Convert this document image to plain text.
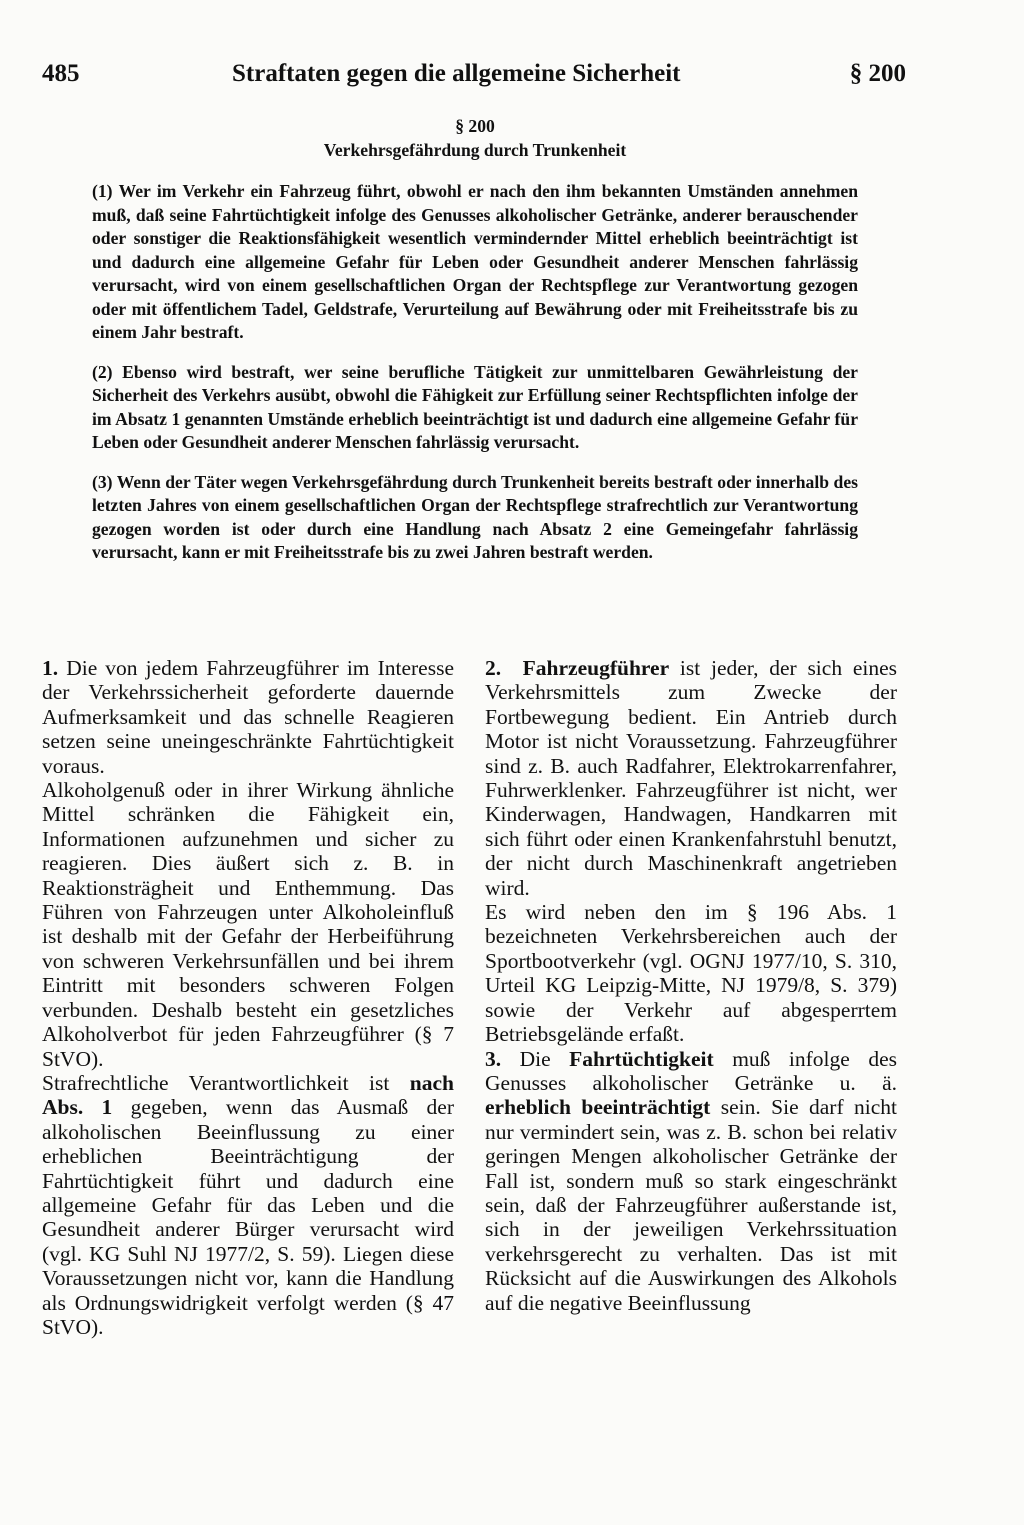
485	Straftaten gegen die allgemeine Sicherheit	§ 200
§ 200
Verkehrsgefährdung durch Trunkenheit

(1) Wer im Verkehr ein Fahrzeug führt, obwohl er nach den ihm bekannten Umständen annehmen muß, daß seine Fahrtüchtigkeit infolge des Genusses alkoholischer Getränke, anderer berauschender oder sonstiger die Reaktionsfähigkeit wesentlich vermindernder Mittel erheblich beeinträchtigt ist und dadurch eine allgemeine Gefahr für Leben oder Gesundheit anderer Menschen fahrlässig verursacht, wird von einem gesellschaftlichen Organ der Rechtspflege zur Verantwortung gezogen oder mit öffentlichem Tadel, Geldstrafe, Verurteilung auf Bewährung oder mit Freiheitsstrafe bis zu einem Jahr bestraft.

(2) Ebenso wird bestraft, wer seine berufliche Tätigkeit zur unmittelbaren Gewährleistung der Sicherheit des Verkehrs ausübt, obwohl die Fähigkeit zur Erfüllung seiner Rechtspflichten infolge der im Absatz 1 genannten Umstände erheblich beeinträchtigt ist und dadurch eine allgemeine Gefahr für Leben oder Gesundheit anderer Menschen fahrlässig verursacht.

(3) Wenn der Täter wegen Verkehrsgefährdung durch Trunkenheit bereits bestraft oder innerhalb des letzten Jahres von einem gesellschaftlichen Organ der Rechtspflege strafrechtlich zur Verantwortung gezogen worden ist oder durch eine Handlung nach Absatz 2 eine Gemeingefahr fahrlässig verursacht, kann er mit Freiheitsstrafe bis zu zwei Jahren bestraft werden.

1. Die von jedem Fahrzeugführer im Interesse der Verkehrssicherheit geforderte dauernde Aufmerksamkeit und das schnelle Reagieren setzen seine uneingeschränkte Fahrtüchtigkeit voraus.

Alkoholgenuß oder in ihrer Wirkung ähnliche Mittel schränken die Fähigkeit ein, Informationen aufzunehmen und sicher zu reagieren. Dies äußert sich z. B. in Reaktionsträgheit und Enthemmung. Das Führen von Fahrzeugen unter Alkoholeinfluß ist deshalb mit der Gefahr der Herbeiführung von schweren Verkehrsunfällen und bei ihrem Eintritt mit besonders schweren Folgen verbunden. Deshalb besteht ein gesetzliches Alkoholverbot für jeden Fahrzeugführer (§ 7 StVO).

Strafrechtliche Verantwortlichkeit ist nach Abs. 1 gegeben, wenn das Ausmaß der alkoholischen Beeinflussung zu einer erheblichen Beeinträchtigung der Fahrtüchtigkeit führt und dadurch eine allgemeine Gefahr für das Leben und die Gesundheit anderer Bürger verursacht wird (vgl. KG Suhl NJ 1977/2, S. 59). Liegen diese Voraussetzungen nicht vor, kann die Handlung als Ordnungswidrigkeit verfolgt werden (§ 47 StVO).

2. Fahrzeugführer ist jeder, der sich eines Verkehrsmittels zum Zwecke der Fortbewegung bedient. Ein Antrieb durch Motor ist nicht Voraussetzung. Fahrzeugführer sind z. B. auch Radfahrer, Elektrokarrenfahrer, Fuhrwerklenker. Fahrzeugführer ist nicht, wer Kinderwagen, Handwagen, Handkarren mit sich führt oder einen Krankenfahrstuhl benutzt, der nicht durch Maschinenkraft angetrieben wird.

Es wird neben den im § 196 Abs. 1 bezeichneten Verkehrsbereichen auch der Sportbootverkehr (vgl. OGNJ 1977/10, S. 310, Urteil KG Leipzig-Mitte, NJ 1979/8, S. 379) sowie der Verkehr auf abgesperrtem Betriebsgelände erfaßt.

3. Die Fahrtüchtigkeit muß infolge des Genusses alkoholischer Getränke u. ä. erheblich beeinträchtigt sein. Sie darf nicht nur vermindert sein, was z. B. schon bei relativ geringen Mengen alkoholischer Getränke der Fall ist, sondern muß so stark eingeschränkt sein, daß der Fahrzeugführer außerstande ist, sich in der jeweiligen Verkehrssituation verkehrsgerecht zu verhalten. Das ist mit Rücksicht auf die Auswirkungen des Alkohols auf die negative Beeinflussung
